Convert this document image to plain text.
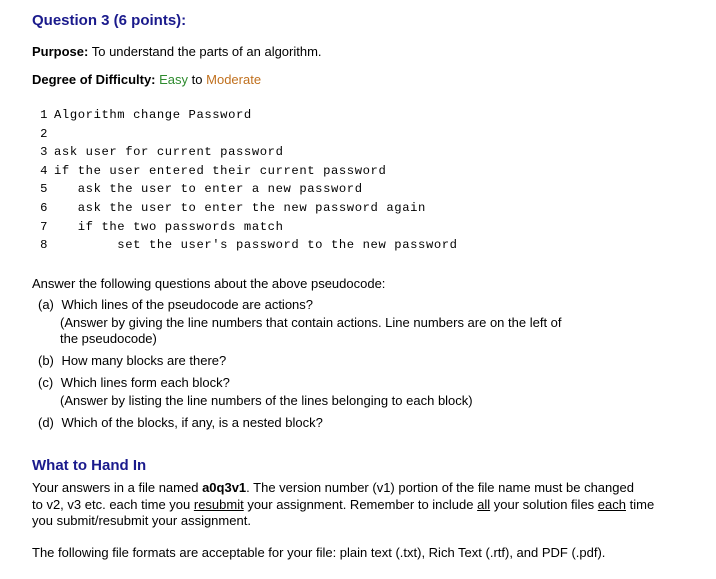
Question 3 (6 points):
Purpose: To understand the parts of an algorithm.
Degree of Difficulty: Easy to Moderate
1 Algorithm change Password
2
3 ask user for current password
4 if the user entered their current password
5   ask the user to enter a new password
6   ask the user to enter the new password again
7   if the two passwords match
8        set the user's password to the new password
Answer the following questions about the above pseudocode:
(a) Which lines of the pseudocode are actions?
(Answer by giving the line numbers that contain actions. Line numbers are on the left of
the pseudocode)
(b) How many blocks are there?
(c) Which lines form each block?
(Answer by listing the line numbers of the lines belonging to each block)
(d) Which of the blocks, if any, is a nested block?
What to Hand In
Your answers in a file named a0q3v1. The version number (v1) portion of the file name must be changed
to v2, v3 etc. each time you resubmit your assignment. Remember to include all your solution files each time
you submit/resubmit your assignment.
The following file formats are acceptable for your file: plain text (.txt), Rich Text (.rtf), and PDF (.pdf).
